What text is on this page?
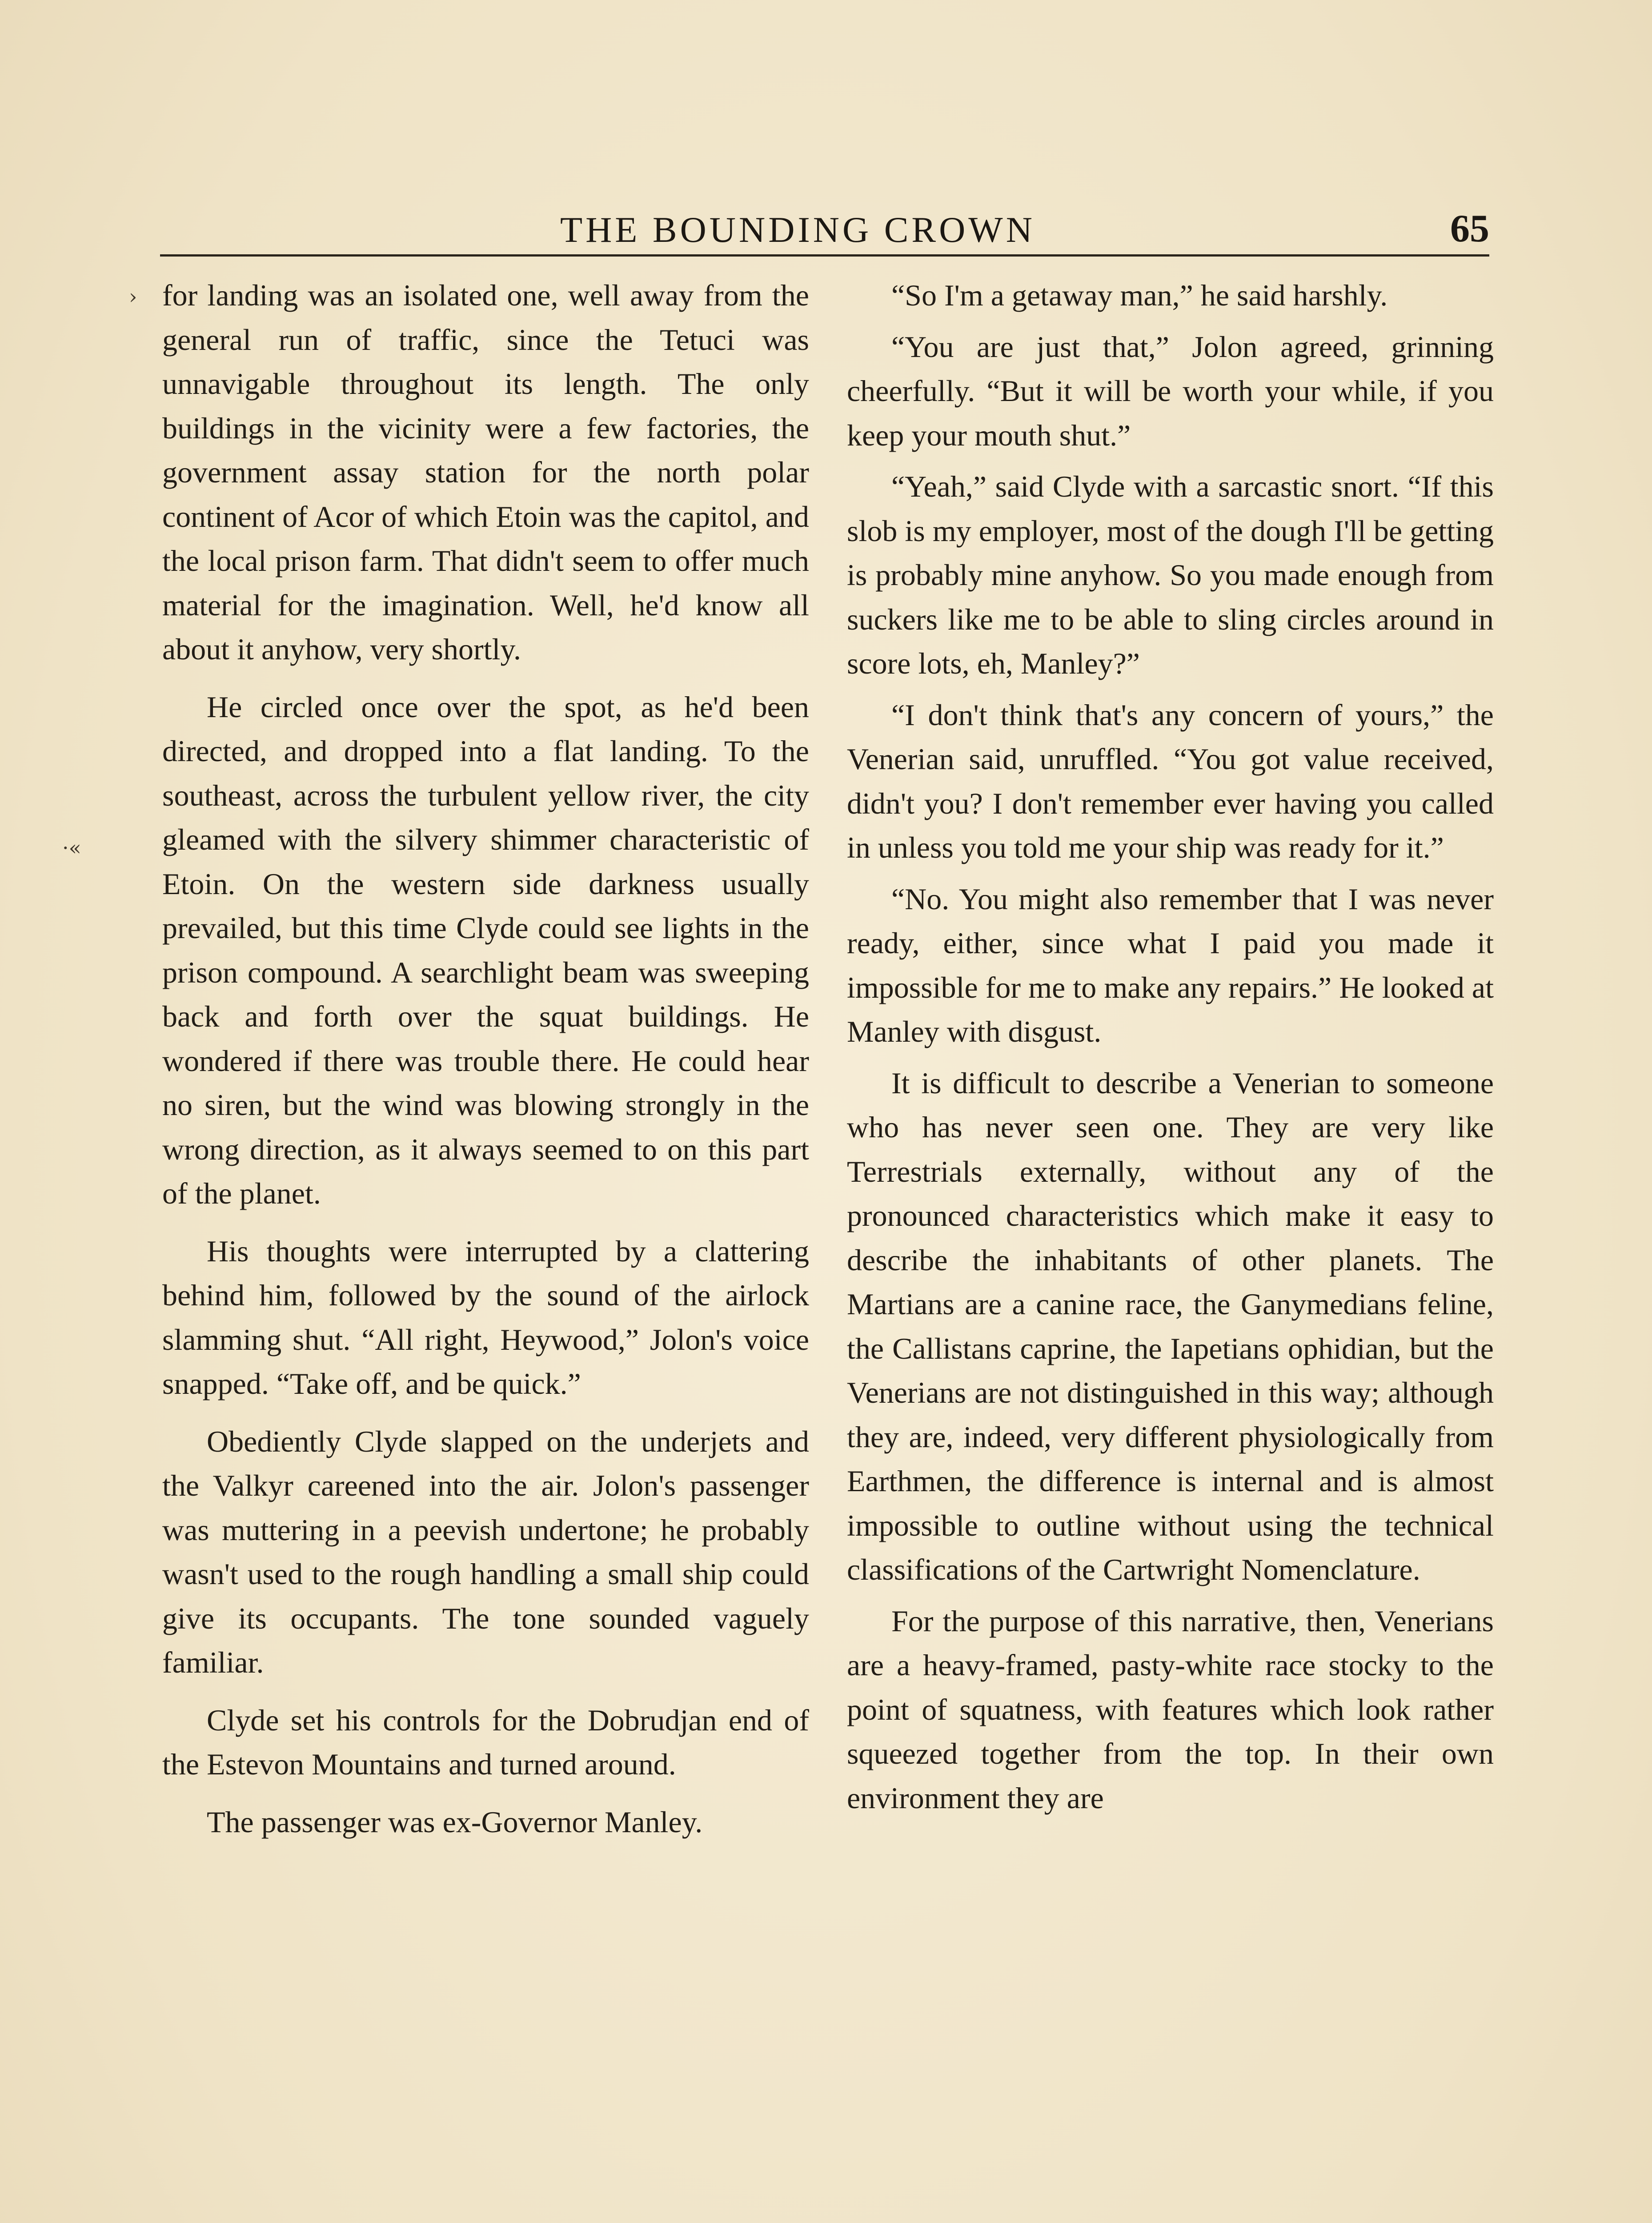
THE BOUNDING CROWN	65
›
·«

for landing was an isolated one, well away from the general run of traffic, since the Tetuci was unnavigable throughout its length. The only buildings in the vicinity were a few factories, the government assay station for the north polar continent of Acor of which Etoin was the capitol, and the local prison farm. That didn't seem to offer much material for the imagination. Well, he'd know all about it anyhow, very shortly.

He circled once over the spot, as he'd been directed, and dropped into a flat landing. To the southeast, across the turbulent yellow river, the city gleamed with the silvery shimmer characteristic of Etoin. On the western side darkness usually prevailed, but this time Clyde could see lights in the prison compound. A searchlight beam was sweeping back and forth over the squat buildings. He wondered if there was trouble there. He could hear no siren, but the wind was blowing strongly in the wrong direction, as it always seemed to on this part of the planet.

His thoughts were interrupted by a clattering behind him, followed by the sound of the airlock slamming shut. “All right, Heywood,” Jolon's voice snapped. “Take off, and be quick.”

Obediently Clyde slapped on the underjets and the Valkyr careened into the air. Jolon's passenger was muttering in a peevish undertone; he probably wasn't used to the rough handling a small ship could give its occupants. The tone sounded vaguely familiar.

Clyde set his controls for the Dobrudjan end of the Estevon Mountains and turned around.

The passenger was ex-Governor Manley.

“So I'm a getaway man,” he said harshly.

“You are just that,” Jolon agreed, grinning cheerfully. “But it will be worth your while, if you keep your mouth shut.”

“Yeah,” said Clyde with a sarcastic snort. “If this slob is my employer, most of the dough I'll be getting is probably mine anyhow. So you made enough from suckers like me to be able to sling circles around in score lots, eh, Manley?”

“I don't think that's any concern of yours,” the Venerian said, unruffled. “You got value received, didn't you? I don't remember ever having you called in unless you told me your ship was ready for it.”

“No. You might also remember that I was never ready, either, since what I paid you made it impossible for me to make any repairs.” He looked at Manley with disgust.

It is difficult to describe a Venerian to someone who has never seen one. They are very like Terrestrials externally, without any of the pronounced characteristics which make it easy to describe the inhabitants of other planets. The Martians are a canine race, the Ganymedians feline, the Callistans caprine, the Iapetians ophidian, but the Venerians are not distinguished in this way; although they are, indeed, very different physiologically from Earthmen, the difference is internal and is almost impossible to outline without using the technical classifications of the Cartwright Nomenclature.

For the purpose of this narrative, then, Venerians are a heavy-framed, pasty-white race stocky to the point of squatness, with features which look rather squeezed together from the top. In their own environment they are
